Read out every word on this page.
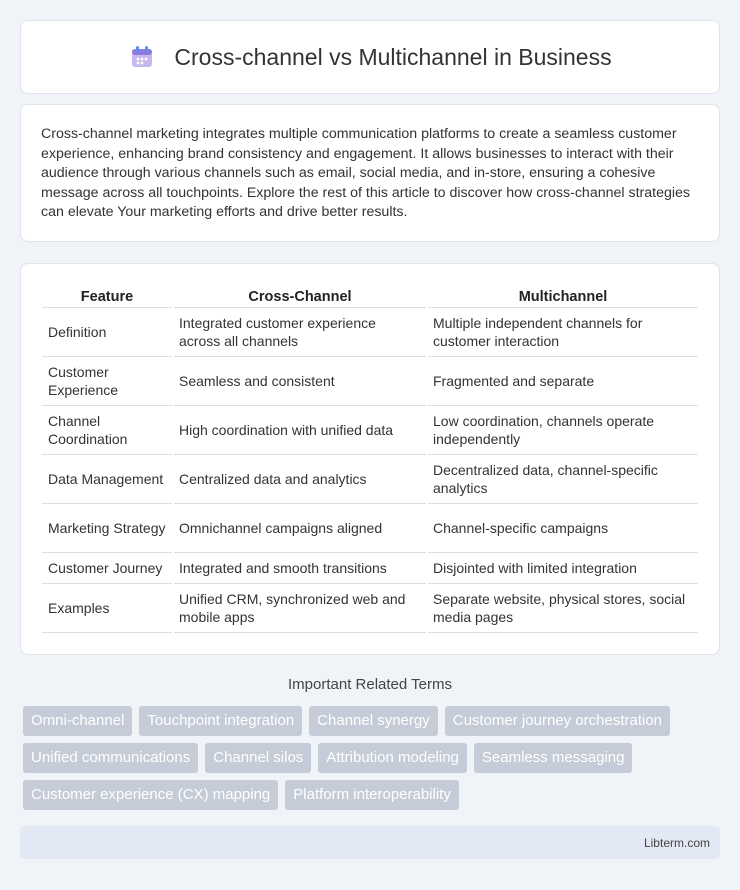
Cross-channel vs Multichannel in Business

Cross-channel marketing integrates multiple communication platforms to create a seamless customer experience, enhancing brand consistency and engagement. It allows businesses to interact with their audience through various channels such as email, social media, and in-store, ensuring a cohesive message across all touchpoints. Explore the rest of this article to discover how cross-channel strategies can elevate Your marketing efforts and drive better results.

Feature	Cross-Channel	Multichannel
Definition	Integrated customer experience across all channels	Multiple independent channels for customer interaction
Customer Experience	Seamless and consistent	Fragmented and separate
Channel Coordination	High coordination with unified data	Low coordination, channels operate independently
Data Management	Centralized data and analytics	Decentralized data, channel-specific analytics
Marketing Strategy	Omnichannel campaigns aligned	Channel-specific campaigns
Customer Journey	Integrated and smooth transitions	Disjointed with limited integration
Examples	Unified CRM, synchronized web and mobile apps	Separate website, physical stores, social media pages
Important Related Terms
Omni-channel	Touchpoint integration	Channel synergy	Customer journey orchestration
Unified communications	Channel silos	Attribution modeling	Seamless messaging
Customer experience (CX) mapping	Platform interoperability
Libterm.com
